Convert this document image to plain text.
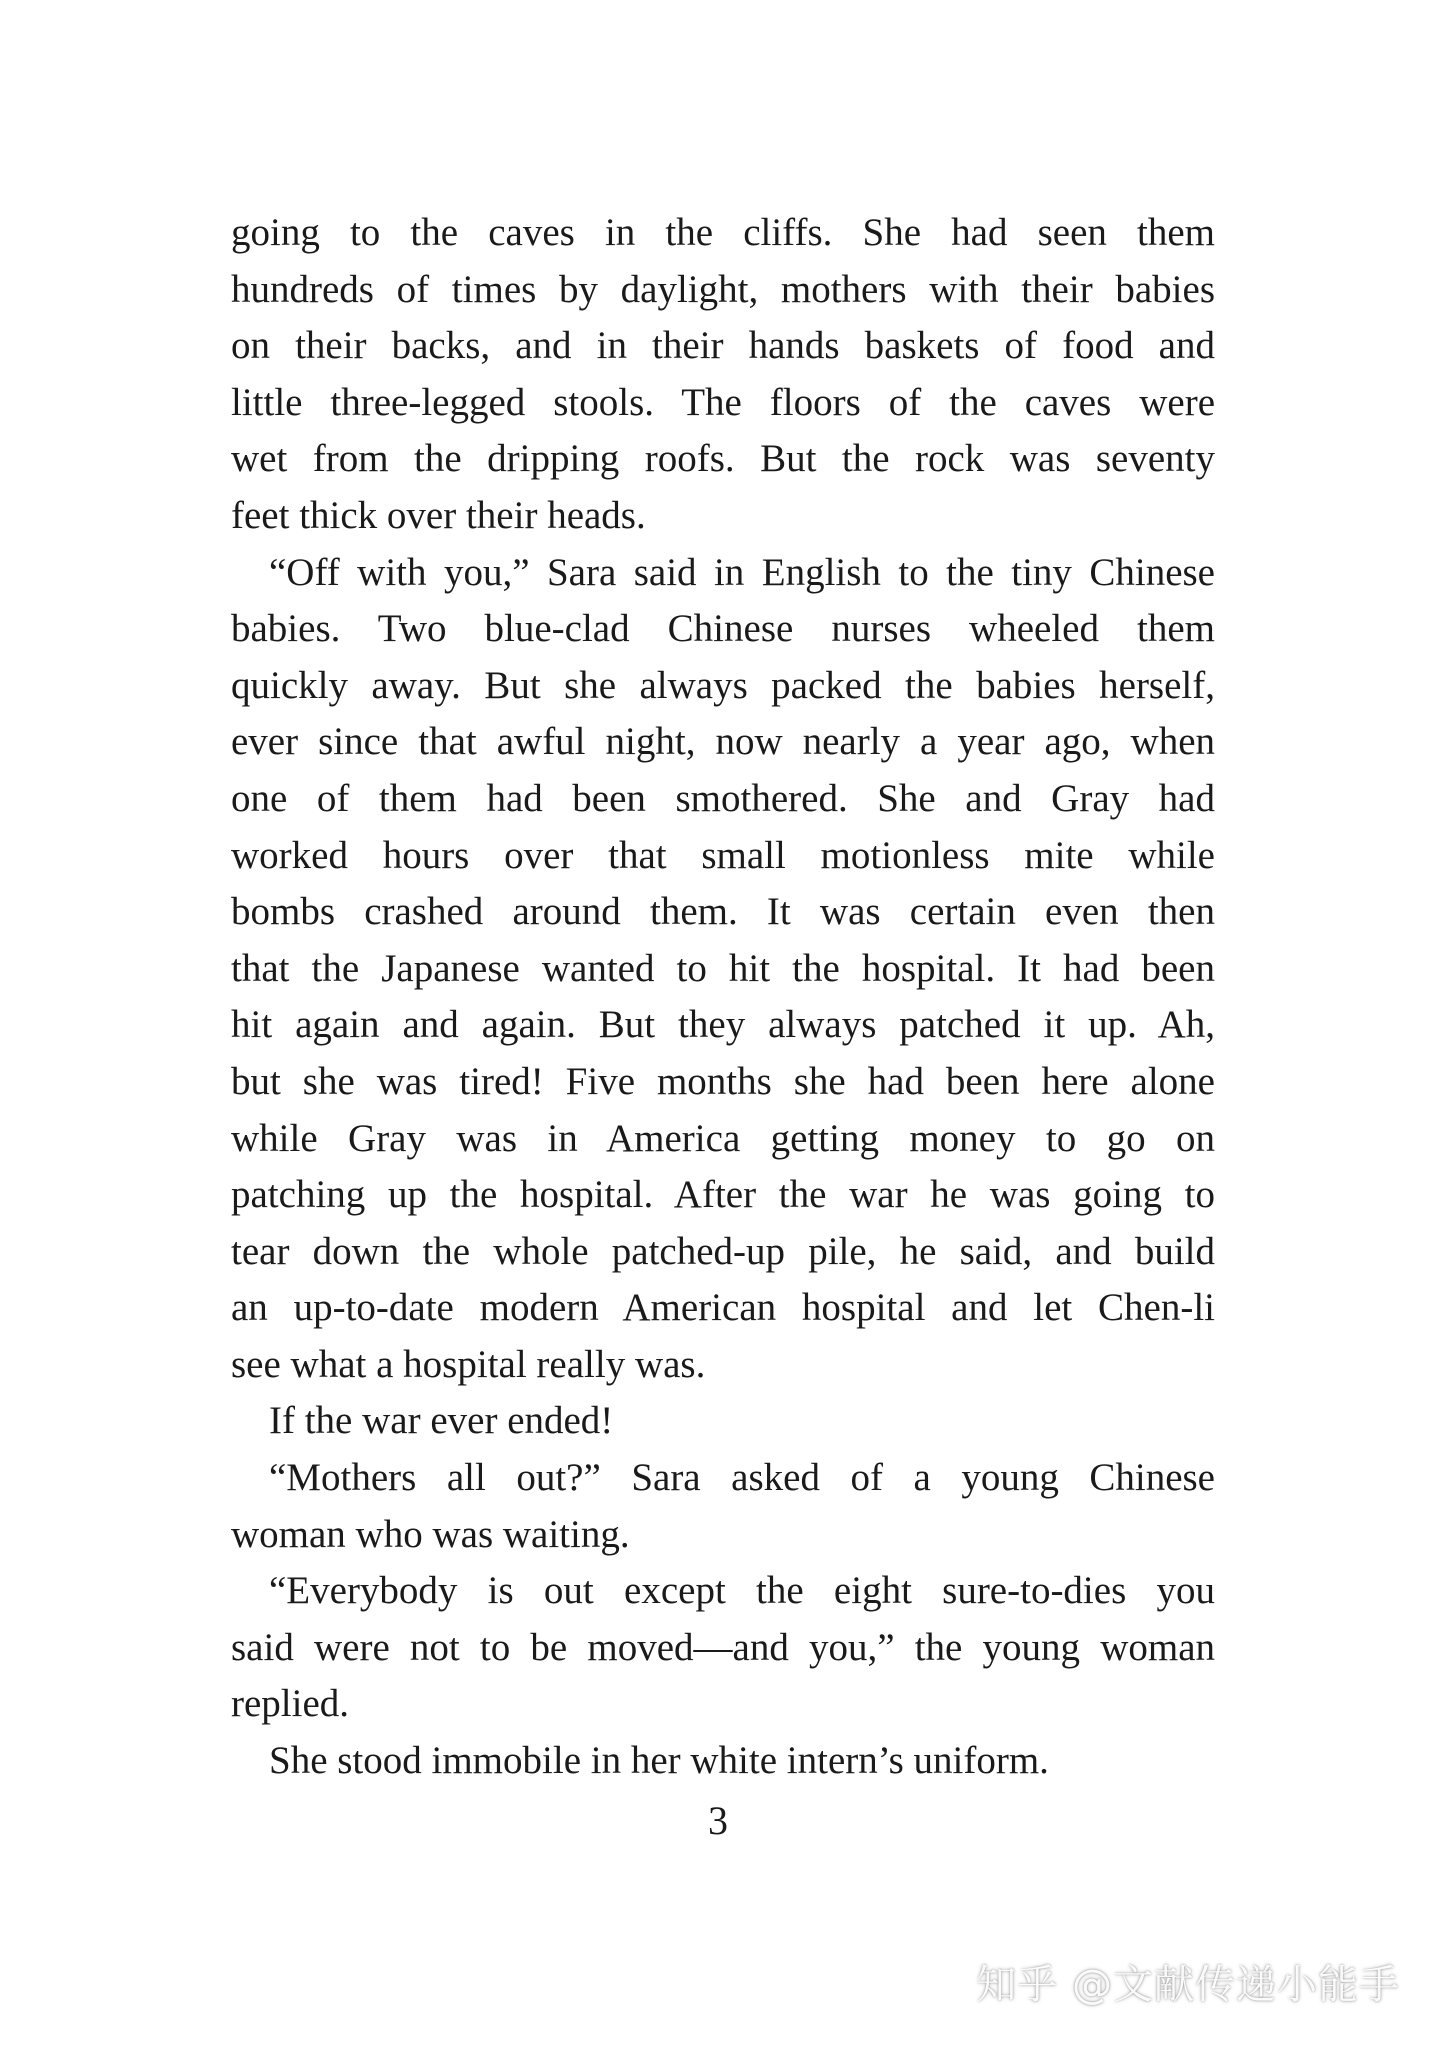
going to the caves in the cliffs. She had seen them
hundreds of times by daylight, mothers with their babies
on their backs, and in their hands baskets of food and
little three-legged stools. The floors of the caves were
wet from the dripping roofs. But the rock was seventy
feet thick over their heads.
“Off with you,” Sara said in English to the tiny Chinese
babies. Two blue-clad Chinese nurses wheeled them
quickly away. But she always packed the babies herself,
ever since that awful night, now nearly a year ago, when
one of them had been smothered. She and Gray had
worked hours over that small motionless mite while
bombs crashed around them. It was certain even then
that the Japanese wanted to hit the hospital. It had been
hit again and again. But they always patched it up. Ah,
but she was tired! Five months she had been here alone
while Gray was in America getting money to go on
patching up the hospital. After the war he was going to
tear down the whole patched-up pile, he said, and build
an up-to-date modern American hospital and let Chen-li
see what a hospital really was.
If the war ever ended!
“Mothers all out?” Sara asked of a young Chinese
woman who was waiting.
“Everybody is out except the eight sure-to-dies you
said were not to be moved—and you,” the young woman
replied.
She stood immobile in her white intern’s uniform.
3
知乎 @文献传递小能手
